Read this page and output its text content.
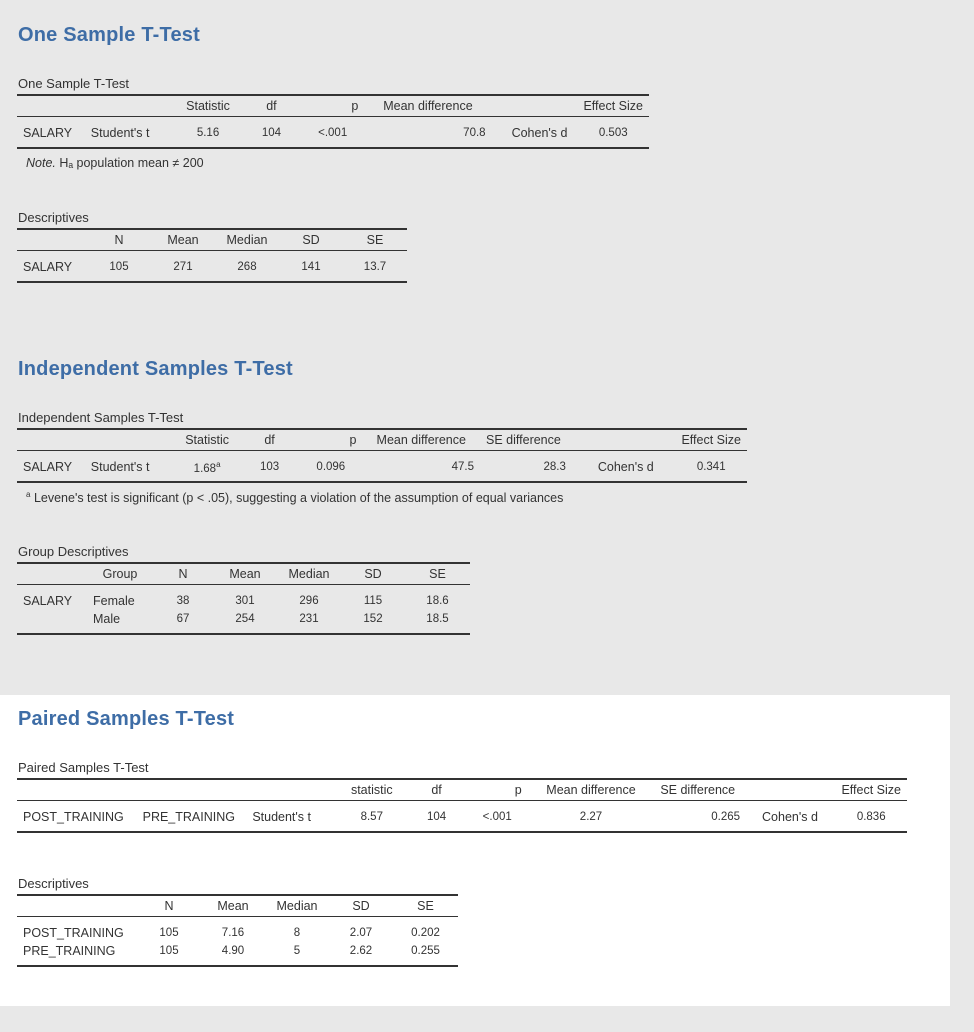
One Sample T-Test
One Sample T-Test
		Statistic	df	p	Mean difference		Effect Size
SALARY	Student's t	5.16	104	<.001	70.8	Cohen's d	0.503
Note. Hₐ population mean ≠ 200
Descriptives
	N	Mean	Median	SD	SE
SALARY	105	271	268	141	13.7
Independent Samples T-Test
Independent Samples T-Test
		Statistic	df	p	Mean difference	SE difference		Effect Size
SALARY	Student's t	1.68$^a$	103	0.096	47.5	28.3	Cohen's d	0.341
$^a$ Levene's test is significant (p < .05), suggesting a violation of the assumption of equal variances
Group Descriptives
	Group	N	Mean	Median	SD	SE
SALARY	Female	38	301	296	115	18.6
	Male	67	254	231	152	18.5
Paired Samples T-Test
Paired Samples T-Test
			statistic	df	p	Mean difference	SE difference		Effect Size
POST_TRAINING	PRE_TRAINING	Student's t	8.57	104	<.001	2.27	0.265	Cohen's d	0.836
Descriptives
	N	Mean	Median	SD	SE
POST_TRAINING	105	7.16	8	2.07	0.202
PRE_TRAINING	105	4.90	5	2.62	0.255
